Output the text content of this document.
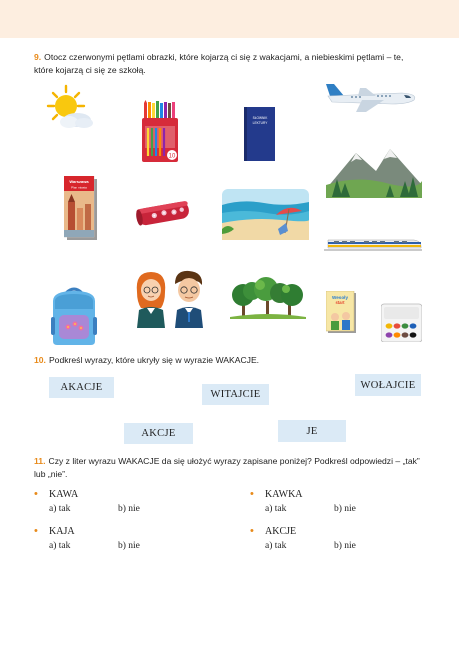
9. Otocz czerwonymi pętlami obrazki, które kojarzą ci się z wakacjami, a niebieskimi pętlami – te,
które kojarzą ci się ze szkołą.
10
SŁOWNIK
LEKTURY
Warszawa
Plan miasta
Wesoły
start
10. Podkreśl wyrazy, które ukryły się w wyrazie WAKACJE.
AKACJE
WITAJCIE
WOŁAJCIE
AKCJE	JE
11. Czy z liter wyrazu WAKACJE da się ułożyć wyrazy zapisane poniżej? Podkreśl odpowiedzi – „tak”
lub „nie”.
• KAWA
a) tak	b) nie
• KAWKA
a) tak	b) nie
• KAJA
a) tak	b) nie
• AKCJE
a) tak	b) nie
